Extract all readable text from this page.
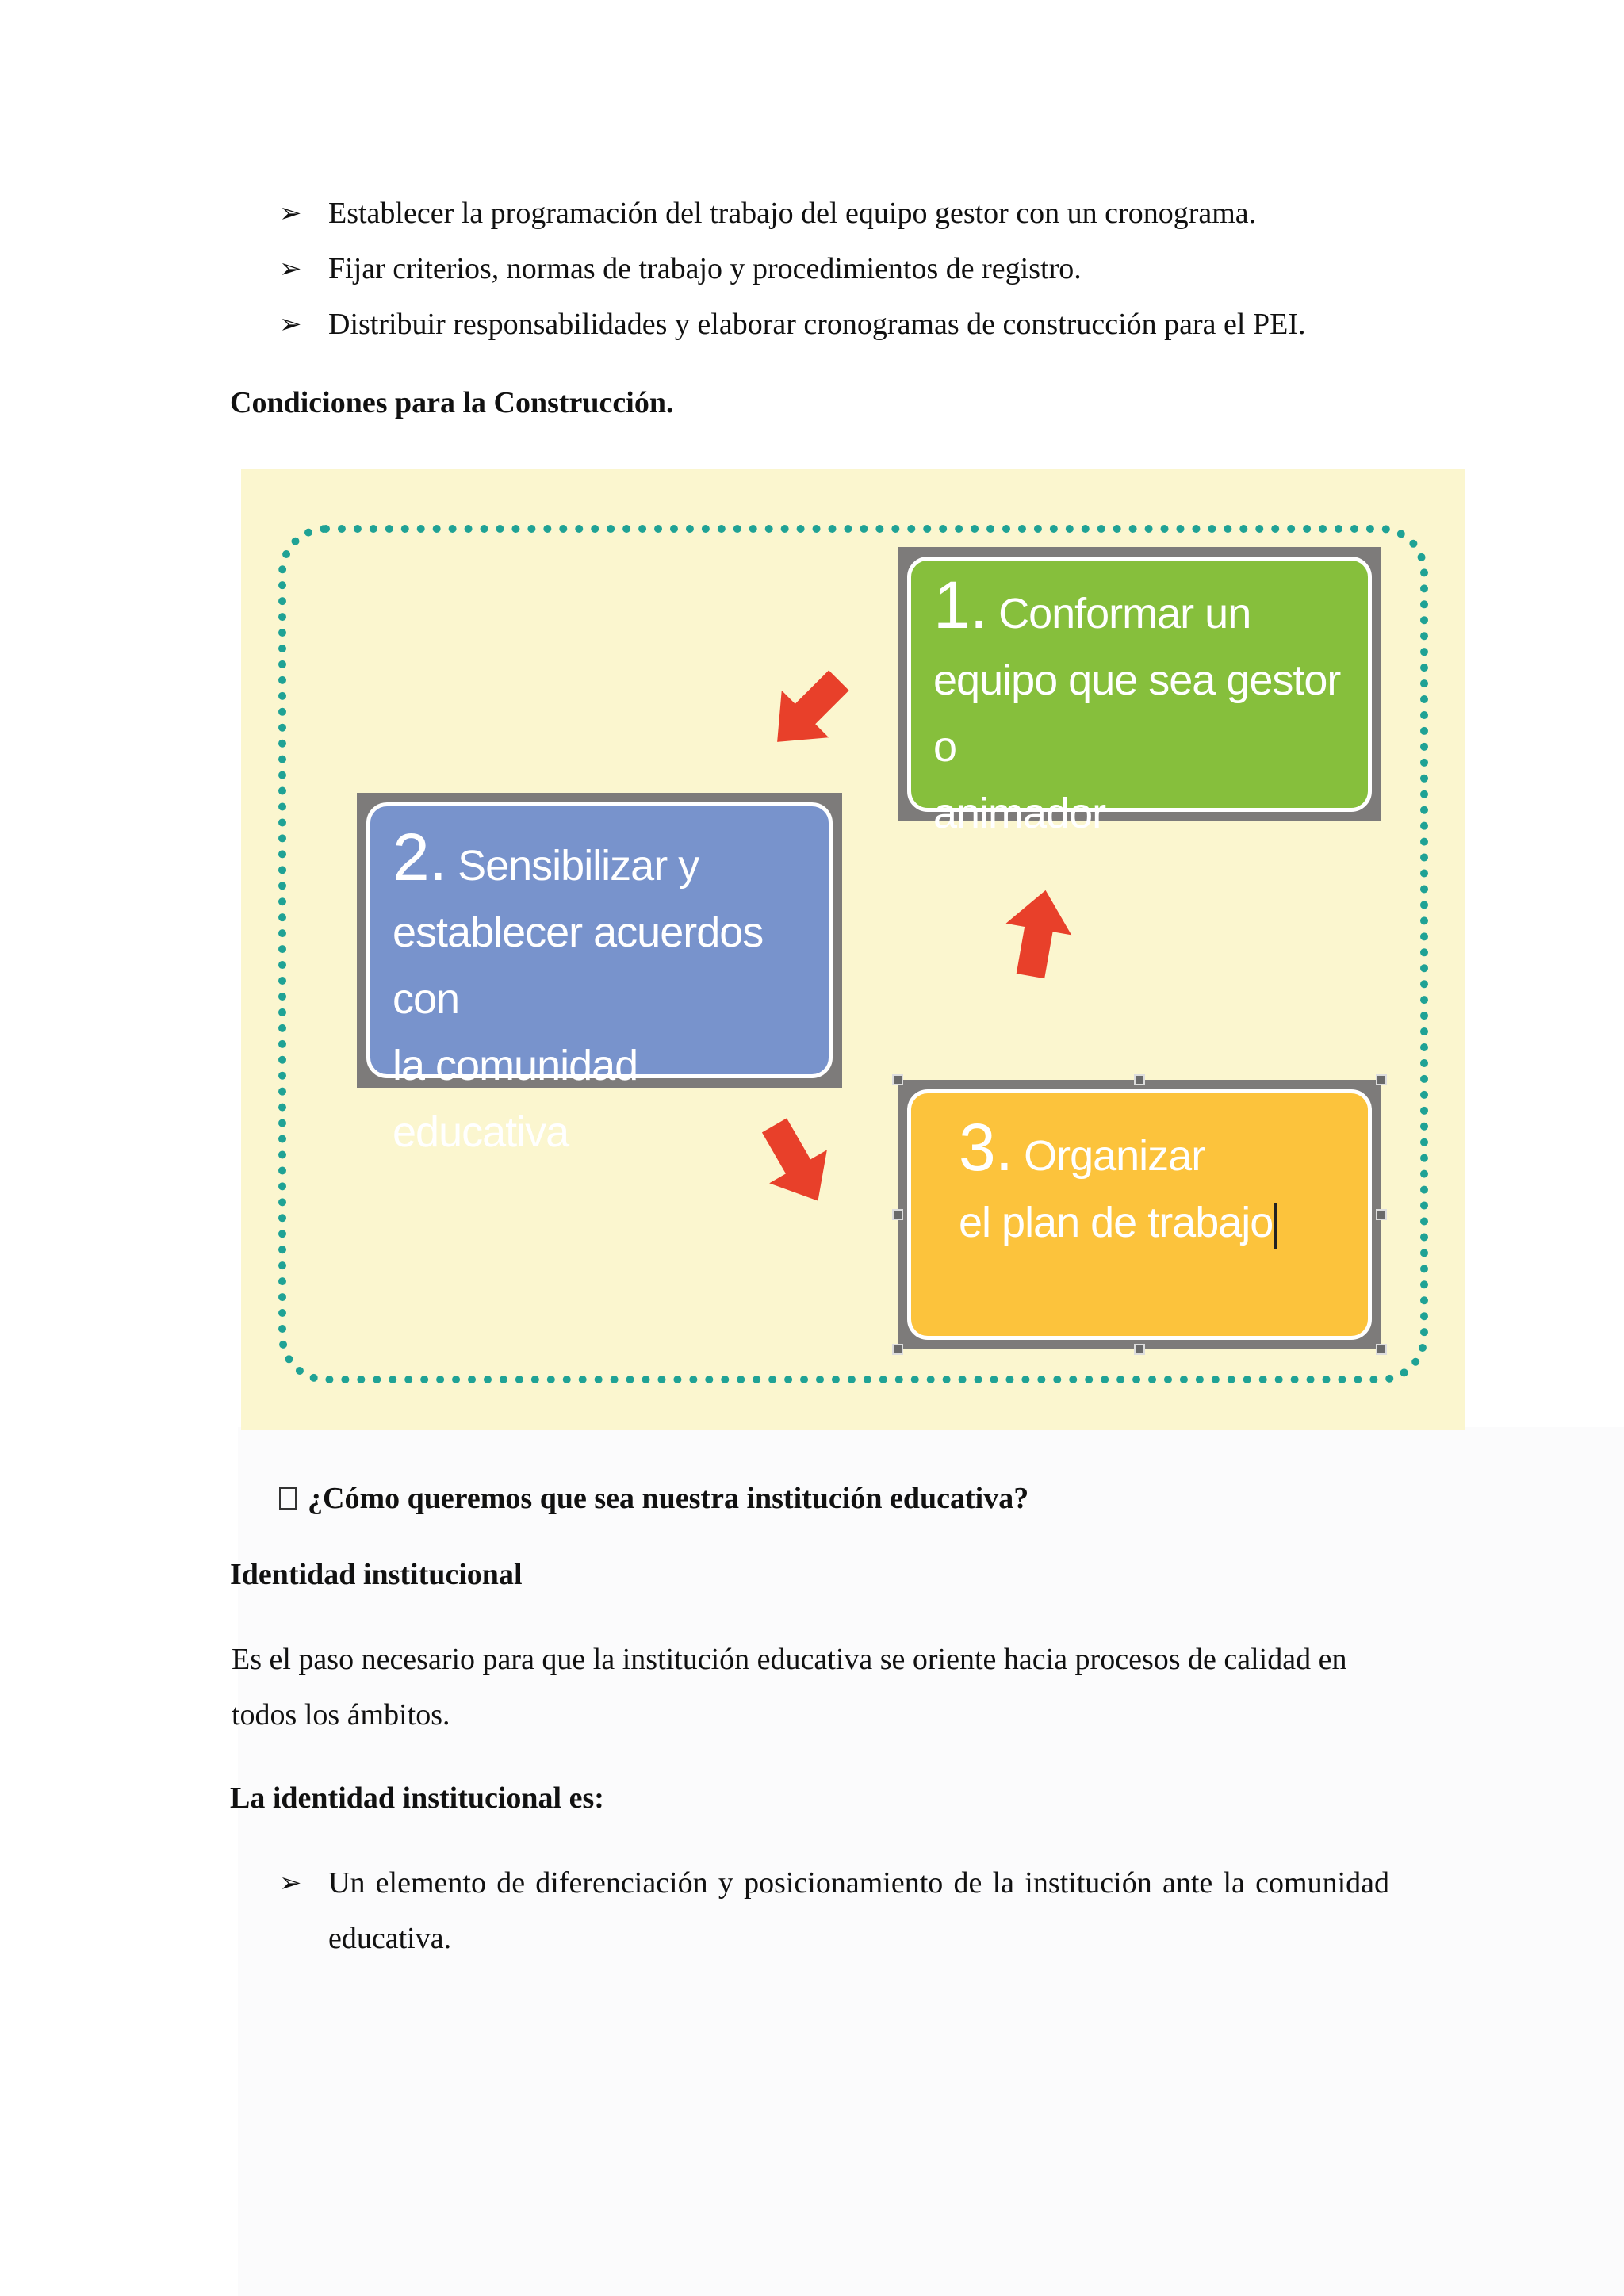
➢ Establecer la programación del trabajo del equipo gestor con un cronograma.
➢ Fijar criterios, normas de trabajo y procedimientos de registro.
➢ Distribuir responsabilidades y elaborar cronogramas de construcción para el PEI.
Condiciones para la Construcción.
1. Conformar un
equipo que sea gestor o
animador
2. Sensibilizar y
establecer acuerdos con
la comunidad educativa	3. Organizar
el plan de trabajo
¿Cómo queremos que sea nuestra institución educativa?
Identidad institucional
Es el paso necesario para que la institución educativa se oriente hacia procesos de calidad en todos los ámbitos.
La identidad institucional es:
➢ Un elemento de diferenciación y posicionamiento de la institución ante la comunidad educativa.
